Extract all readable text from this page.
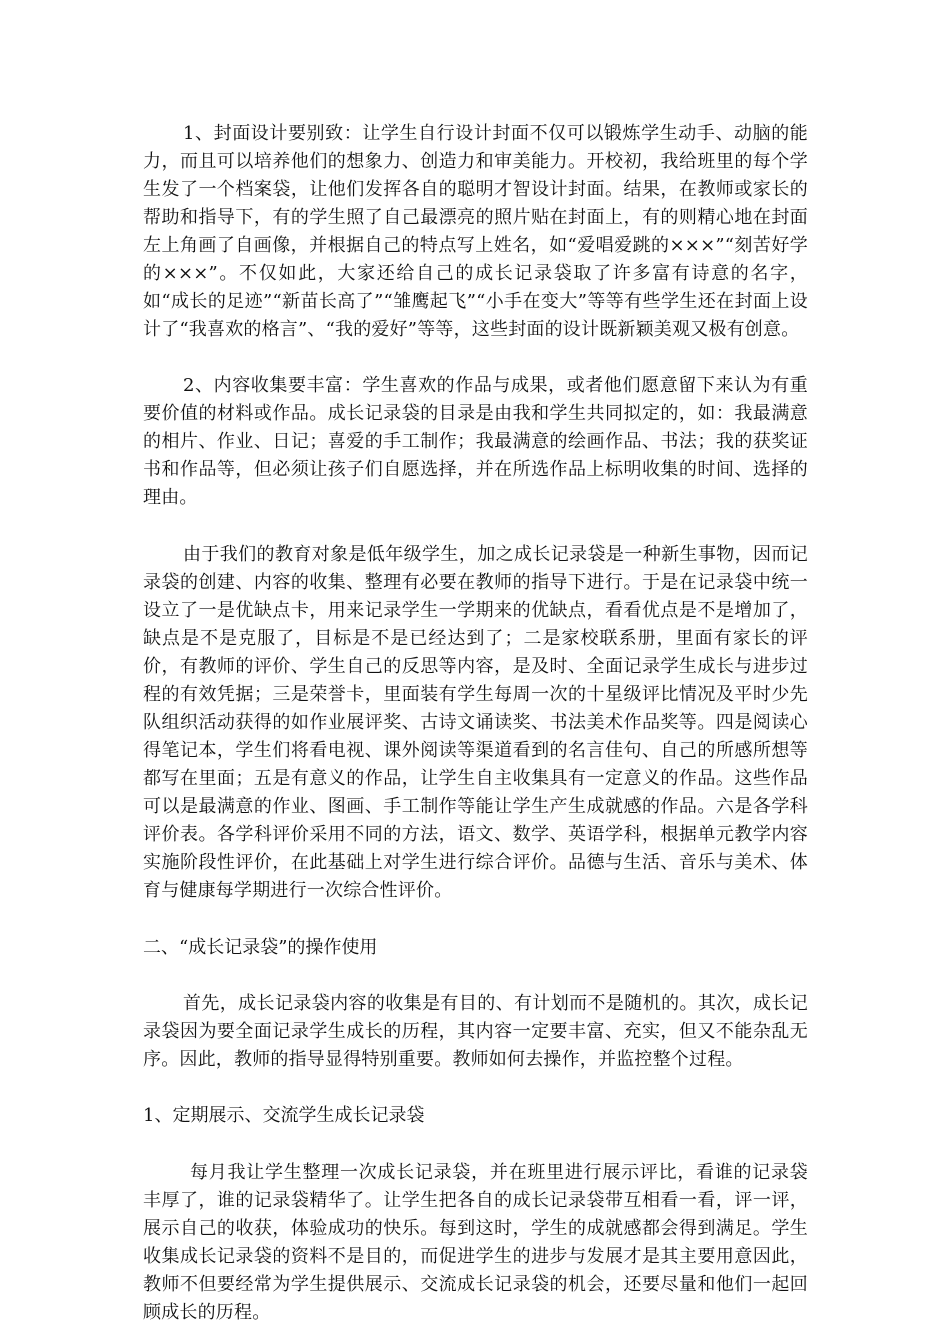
1、封面设计要别致：让学生自行设计封面不仅可以锻炼学生动手、动脑的能力，而且可以培养他们的想象力、创造力和审美能力。开校初，我给班里的每个学生发了一个档案袋，让他们发挥各自的聪明才智设计封面。结果，在教师或家长的帮助和指导下，有的学生照了自己最漂亮的照片贴在封面上，有的则精心地在封面左上角画了自画像，并根据自己的特点写上姓名，如“爱唱爱跳的×××”“刻苦好学的×××”。不仅如此，大家还给自己的成长记录袋取了许多富有诗意的名字，如“成长的足迹”“新苗长高了”“雏鹰起飞”“小手在变大”等等有些学生还在封面上设计了“我喜欢的格言”、“我的爱好”等等，这些封面的设计既新颖美观又极有创意。

2、内容收集要丰富：学生喜欢的作品与成果，或者他们愿意留下来认为有重要价值的材料或作品。成长记录袋的目录是由我和学生共同拟定的，如：我最满意的相片、作业、日记；喜爱的手工制作；我最满意的绘画作品、书法；我的获奖证书和作品等，但必须让孩子们自愿选择，并在所选作品上标明收集的时间、选择的理由。

由于我们的教育对象是低年级学生，加之成长记录袋是一种新生事物，因而记录袋的创建、内容的收集、整理有必要在教师的指导下进行。于是在记录袋中统一设立了一是优缺点卡，用来记录学生一学期来的优缺点，看看优点是不是增加了，缺点是不是克服了，目标是不是已经达到了；二是家校联系册，里面有家长的评价，有教师的评价、学生自己的反思等内容，是及时、全面记录学生成长与进步过程的有效凭据；三是荣誉卡，里面装有学生每周一次的十星级评比情况及平时少先队组织活动获得的如作业展评奖、古诗文诵读奖、书法美术作品奖等。四是阅读心得笔记本，学生们将看电视、课外阅读等渠道看到的名言佳句、自己的所感所想等都写在里面；五是有意义的作品，让学生自主收集具有一定意义的作品。这些作品可以是最满意的作业、图画、手工制作等能让学生产生成就感的作品。六是各学科评价表。各学科评价采用不同的方法，语文、数学、英语学科，根据单元教学内容实施阶段性评价，在此基础上对学生进行综合评价。品德与生活、音乐与美术、体育与健康每学期进行一次综合性评价。

二、“成长记录袋”的操作使用

首先，成长记录袋内容的收集是有目的、有计划而不是随机的。其次，成长记录袋因为要全面记录学生成长的历程，其内容一定要丰富、充实，但又不能杂乱无序。因此，教师的指导显得特别重要。教师如何去操作，并监控整个过程。

1、定期展示、交流学生成长记录袋

每月我让学生整理一次成长记录袋，并在班里进行展示评比，看谁的记录袋丰厚了，谁的记录袋精华了。让学生把各自的成长记录袋带互相看一看，评一评，展示自己的收获，体验成功的快乐。每到这时，学生的成就感都会得到满足。学生收集成长记录袋的资料不是目的，而促进学生的进步与发展才是其主要用意因此，教师不但要经常为学生提供展示、交流成长记录袋的机会，还要尽量和他们一起回顾成长的历程。
